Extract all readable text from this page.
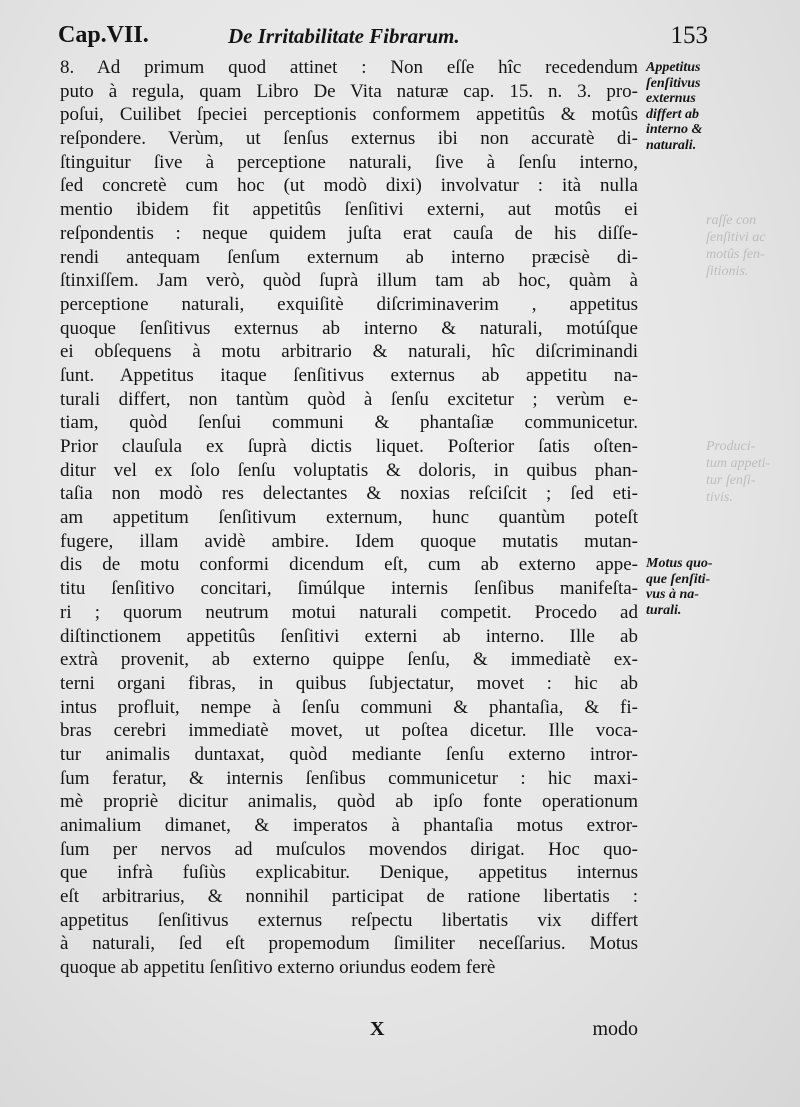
Cap.VII.	De Irritabilitate Fibrarum.	153
8. Ad primum quod attinet : Non eſſe hîc recedendum
puto à regula, quam Libro De Vita naturæ cap. 15. n. 3. pro-
poſui, Cuilibet ſpeciei perceptionis conformem appetitûs & motûs
reſpondere. Verùm, ut ſenſus externus ibi non accuratè di-
ſtinguitur ſive à perceptione naturali, ſive à ſenſu interno,
ſed concretè cum hoc (ut modò dixi) involvatur : ità nulla
mentio ibidem fit appetitûs ſenſitivi externi, aut motûs ei
reſpondentis : neque quidem juſta erat cauſa de his diſſe-
rendi antequam ſenſum externum ab interno præcisè di-
ſtinxiſſem. Jam verò, quòd ſuprà illum tam ab hoc, quàm à
perceptione naturali, exquiſitè diſcriminaverim , appetitus
quoque ſenſitivus externus ab interno & naturali, motúſque
ei obſequens à motu arbitrario & naturali, hîc diſcriminandi
ſunt. Appetitus itaque ſenſitivus externus ab appetitu na-
turali differt, non tantùm quòd à ſenſu excitetur ; verùm e-
tiam, quòd ſenſui communi & phantaſiæ communicetur.
Prior clauſula ex ſuprà dictis liquet. Poſterior ſatis oſten-
ditur vel ex ſolo ſenſu voluptatis & doloris, in quibus phan-
taſia non modò res delectantes & noxias reſciſcit ; ſed eti-
am appetitum ſenſitivum externum, hunc quantùm poteſt
fugere, illam avidè ambire. Idem quoque mutatis mutan-
dis de motu conformi dicendum eſt, cum ab externo appe-
titu ſenſitivo concitari, ſimúlque internis ſenſibus manifeſta-
ri ; quorum neutrum motui naturali competit. Procedo ad
diſtinctionem appetitûs ſenſitivi externi ab interno. Ille ab
extrà provenit, ab externo quippe ſenſu, & immediatè ex-
terni organi fibras, in quibus ſubjectatur, movet : hic ab
intus profluit, nempe à ſenſu communi & phantaſia, & fi-
bras cerebri immediatè movet, ut poſtea dicetur. Ille voca-
tur animalis duntaxat, quòd mediante ſenſu externo intror-
ſum feratur, & internis ſenſibus communicetur : hic maxi-
mè propriè dicitur animalis, quòd ab ipſo fonte operationum
animalium dimanet, & imperatos à phantaſia motus extror-
ſum per nervos ad muſculos movendos dirigat. Hoc quo-
que infrà fuſiùs explicabitur. Denique, appetitus internus
eſt arbitrarius, & nonnihil participat de ratione libertatis :
appetitus ſenſitivus externus reſpectu libertatis vix differt
à naturali, ſed eſt propemodum ſimiliter neceſſarius. Motus
quoque ab appetitu ſenſitivo externo oriundus eodem ferè
Appetitus
ſenſitivus
externus
differt ab
interno &
naturali.
Motus quo-
que ſenſiti-
vus à na-
turali.
raſſe con
ſenſitivi ac
motûs fen-
ſitionis.
Produci-
tum appeti-
tur ſenſi-
tivis.
X	modo
